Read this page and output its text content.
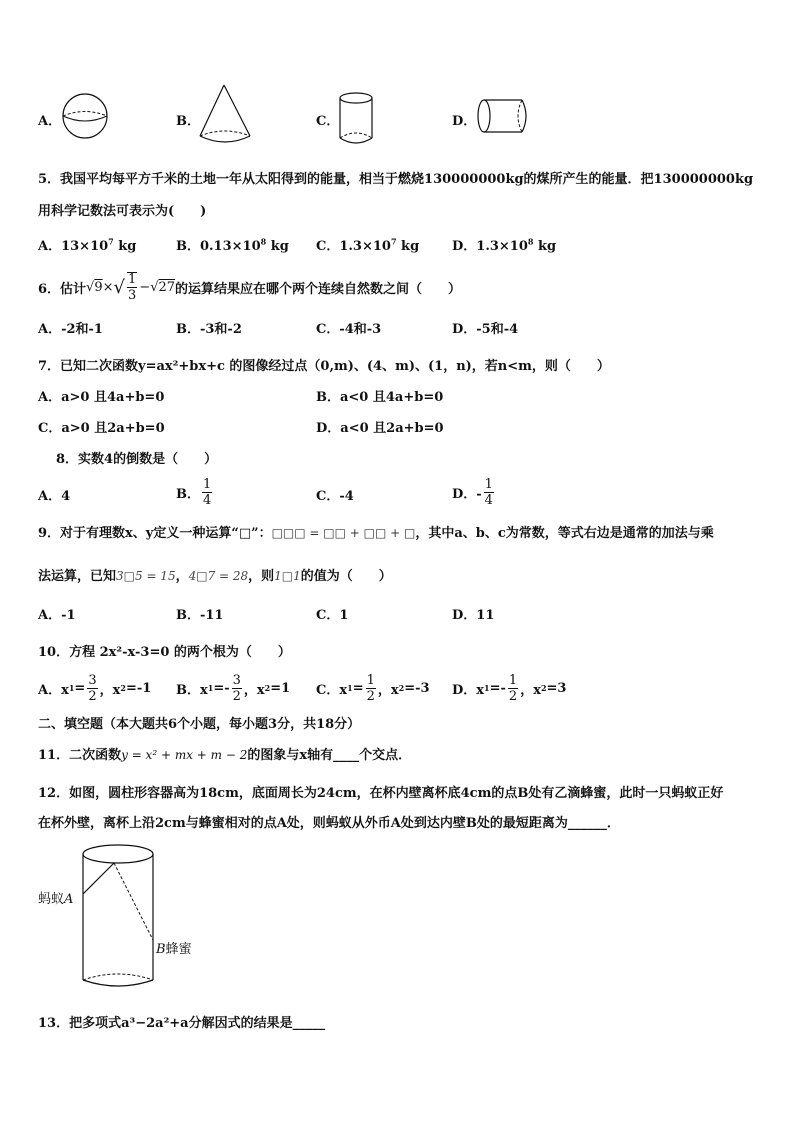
A．	B．	C．	D．
5．我国平均每平方千米的土地一年从太阳得到的能量，相当于燃烧130000000kg的煤所产生的能量．把130000000kg
用科学记数法可表示为(　　)
A．$13\times 10^7$ kg	B．$0.13\times 10^8$ kg C．$1.3\times 10^7$ kg	D．$1.3\times 10^8$ kg
6．估计 √9 × √ $\frac{1}{3} - √27$ 的运算结果应在哪个两个连续自然数之间（　　）
A．-2和-1	B．-3和-2	C．-4和-3	D．-5和-4
7．已知二次函数y=ax²+bx+c 的图像经过点（0,m)、(4、m)、(1，n)，若n<m，则（　　）
A．a>0 且4a+b=0	B．a<0 且4a+b=0
C．a>0 且2a+b=0	D．a<0 且2a+b=0
8．实数4的倒数是（　　）
A．4	B． $\frac{1}{4}$	C．-4	D．- $\frac{1}{4}$
9．对于有理数x、y定义一种运算“□”：□□□ = □□ + □□ + □，其中a、b、c为常数，等式右边是通常的加法与乘
法运算，已知3□5 = 15，4□7 = 28，则1□1的值为（　　）
A．-1	B．-11	C．1	D．11
10．方程 2x²-x-3=0 的两个根为（　　）
A．x $1 = \frac{3}{2}$ ，x 2 =-1 B．x $1 =- \frac{3}{2}$ ，x 2 =1 C．x $1 = \frac{1}{2}$ ，x 2 =-3 D．x $1 =- \frac{1}{2}$ ，x 2 =3
二、填空题（本大题共6个小题，每小题3分，共18分）
11．二次函数y = x² + mx + m − 2的图象与x轴有____个交点．
12．如图，圆柱形容器高为18cm，底面周长为24cm，在杯内壁离杯底4cm的点B处有乙滴蜂蜜，此时一只蚂蚁正好
在杯外壁，离杯上沿2cm与蜂蜜相对的点A处，则蚂蚁从外币A处到达内壁B处的最短距离为______．
蚂蚁A
B蜂蜜
13．把多项式a³−2a²+a分解因式的结果是_____
